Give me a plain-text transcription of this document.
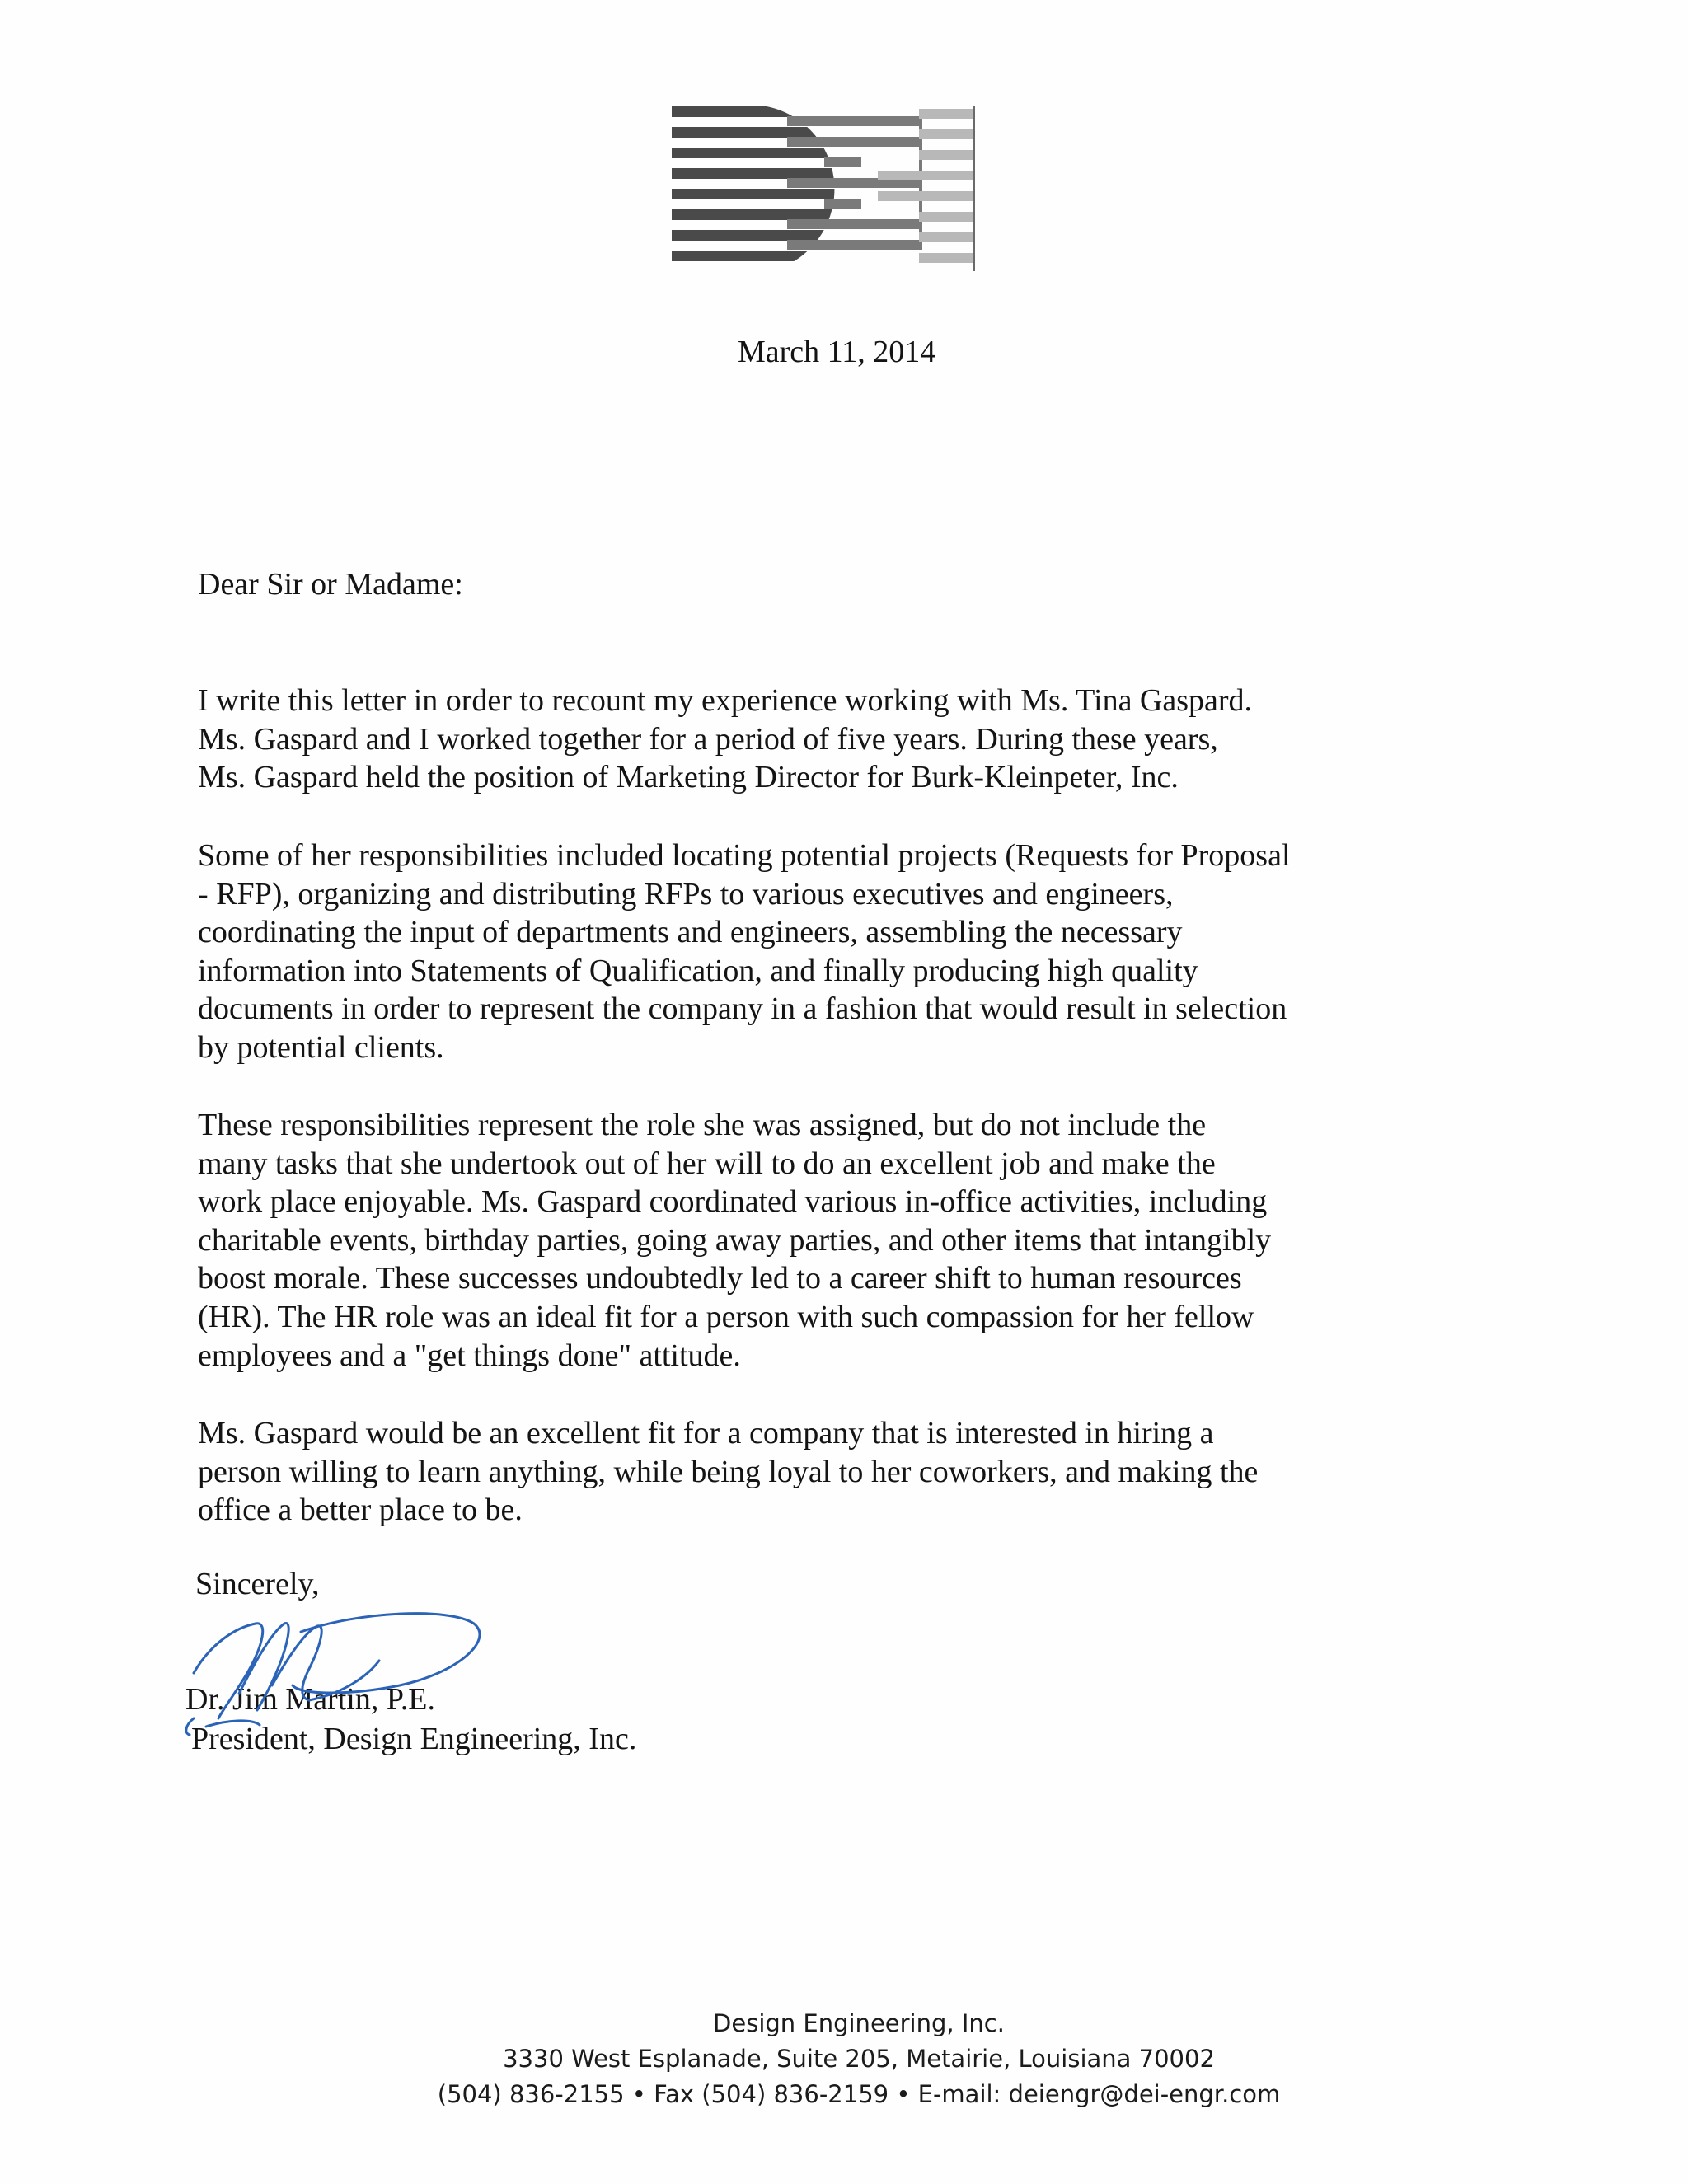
March 11, 2014
Dear Sir or Madame:
I write this letter in order to recount my experience working with Ms. Tina Gaspard.
Ms. Gaspard and I worked together for a period of five years. During these years,
Ms. Gaspard held the position of Marketing Director for Burk-Kleinpeter, Inc.
Some of her responsibilities included locating potential projects (Requests for Proposal
- RFP), organizing and distributing RFPs to various executives and engineers,
coordinating the input of departments and engineers, assembling the necessary
information into Statements of Qualification, and finally producing high quality
documents in order to represent the company in a fashion that would result in selection
by potential clients.
These responsibilities represent the role she was assigned, but do not include the
many tasks that she undertook out of her will to do an excellent job and make the
work place enjoyable. Ms. Gaspard coordinated various in-office activities, including
charitable events, birthday parties, going away parties, and other items that intangibly
boost morale. These successes undoubtedly led to a career shift to human resources
(HR). The HR role was an ideal fit for a person with such compassion for her fellow
employees and a "get things done" attitude.
Ms. Gaspard would be an excellent fit for a company that is interested in hiring a
person willing to learn anything, while being loyal to her coworkers, and making the
office a better place to be.
Sincerely,
Dr. Jim Martin, P.E.
President, Design Engineering, Inc.
Design Engineering, Inc.
3330 West Esplanade, Suite 205, Metairie, Louisiana 70002
(504) 836-2155 • Fax (504) 836-2159 • E-mail: deiengr@dei-engr.com
